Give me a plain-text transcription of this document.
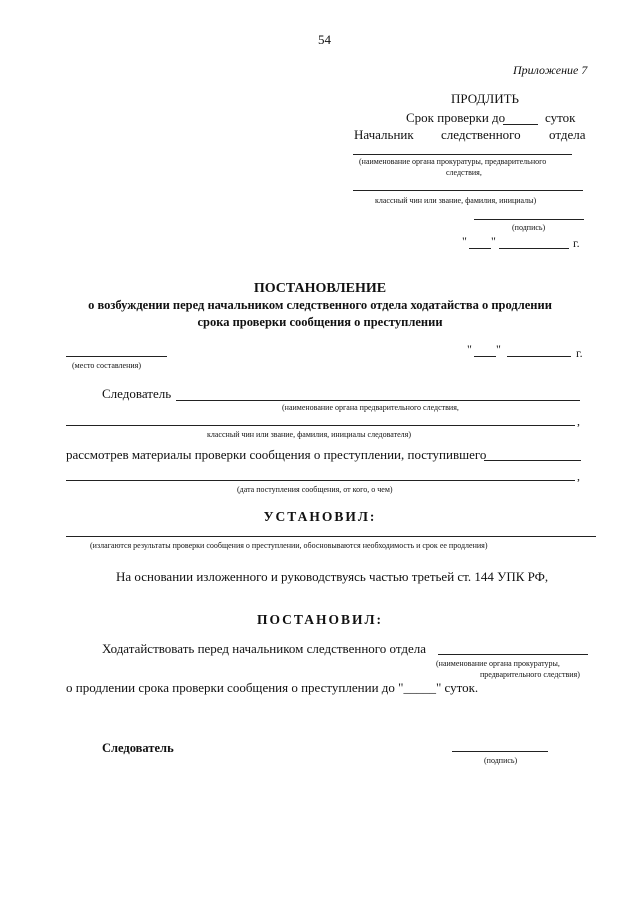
54
Приложение 7
ПРОДЛИТЬ
Срок проверки до	суток
Начальник следственного отдела
(наименование органа прокуратуры, предварительного
следствия,
классный чин или звание, фамилия, инициалы)
(подпись)
" "	г.
ПОСТАНОВЛЕНИЕ
о возбуждении перед начальником следственного отдела ходатайства о продлении
срока проверки сообщения о преступлении
(место составления)
" "	г.
Следователь
(наименование органа предварительного следствия,
,
классный чин или звание, фамилия, инициалы следователя)
рассмотрев материалы проверки сообщения о преступлении, поступившего
,
(дата поступления сообщения, от кого, о чем)
УСТАНОВИЛ:
(излагаются результаты проверки сообщения о преступлении, обосновываются необходимость и срок ее продления)
На основании изложенного и руководствуясь частью третьей ст. 144 УПК РФ,
ПОСТАНОВИЛ:
Ходатайствовать перед начальником следственного отдела
(наименование органа прокуратуры,
предварительного следствия)
о продлении срока проверки сообщения о преступлении до "_____" суток.
Следователь
(подпись)
